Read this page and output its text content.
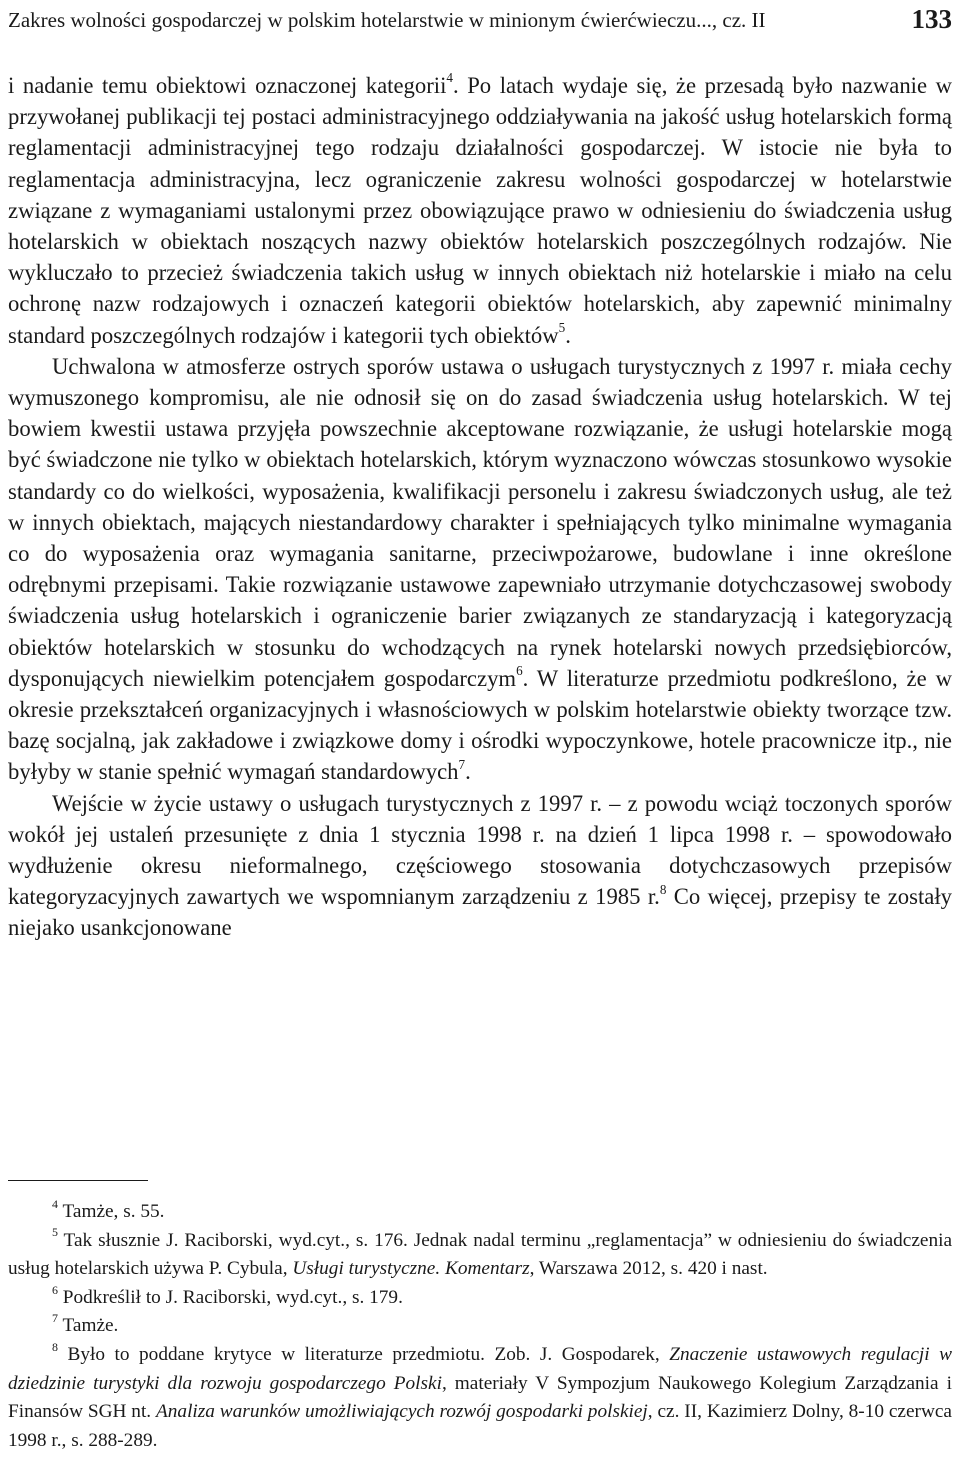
Zakres wolności gospodarczej w polskim hotelarstwie w minionym ćwierćwieczu..., cz. II	133

i nadanie temu obiektowi oznaczonej kategorii$^4$. Po latach wydaje się, że przesadą było nazwanie w przywołanej publikacji tej postaci administracyjnego oddziaływania na jakość usług hotelarskich formą reglamentacji administracyjnej tego rodzaju działalności gospodarczej. W istocie nie była to reglamentacja administracyjna, lecz ograniczenie zakresu wolności gospodarczej w hotelarstwie związane z wymaganiami ustalonymi przez obowiązujące prawo w odniesieniu do świadczenia usług hotelarskich w obiektach noszących nazwy obiektów hotelarskich poszczególnych rodzajów. Nie wykluczało to przecież świadczenia takich usług w innych obiektach niż hotelarskie i miało na celu ochronę nazw rodzajowych i oznaczeń kategorii obiektów hotelarskich, aby zapewnić minimalny standard poszczególnych rodzajów i kategorii tych obiektów$^5$.

Uchwalona w atmosferze ostrych sporów ustawa o usługach turystycznych z 1997 r. miała cechy wymuszonego kompromisu, ale nie odnosił się on do zasad świadczenia usług hotelarskich. W tej bowiem kwestii ustawa przyjęła powszechnie akceptowane rozwiązanie, że usługi hotelarskie mogą być świadczone nie tylko w obiektach hotelarskich, którym wyznaczono wówczas stosunkowo wysokie standardy co do wielkości, wyposażenia, kwalifikacji personelu i zakresu świadczonych usług, ale też w innych obiektach, mających niestandardowy charakter i spełniających tylko minimalne wymagania co do wyposażenia oraz wymagania sanitarne, przeciwpożarowe, budowlane i inne określone odrębnymi przepisami. Takie rozwiązanie ustawowe zapewniało utrzymanie dotychczasowej swobody świadczenia usług hotelarskich i ograniczenie barier związanych ze standaryzacją i kategoryzacją obiektów hotelarskich w stosunku do wchodzących na rynek hotelarski nowych przedsiębiorców, dysponujących niewielkim potencjałem gospodarczym$^6$. W literaturze przedmiotu podkreślono, że w okresie przekształceń organizacyjnych i własnościowych w polskim hotelarstwie obiekty tworzące tzw. bazę socjalną, jak zakładowe i związkowe domy i ośrodki wypoczynkowe, hotele pracownicze itp., nie byłyby w stanie spełnić wymagań standardowych$^7$.

Wejście w życie ustawy o usługach turystycznych z 1997 r. – z powodu wciąż toczonych sporów wokół jej ustaleń przesunięte z dnia 1 stycznia 1998 r. na dzień 1 lipca 1998 r. – spowodowało wydłużenie okresu nieformalnego, częściowego stosowania dotychczasowych przepisów kategoryzacyjnych zawartych we wspomnianym zarządzeniu z 1985 r.$^8$ Co więcej, przepisy te zostały niejako usankcjonowane

$^4$ Tamże, s. 55.

$^5$ Tak słusznie J. Raciborski, wyd.cyt., s. 176. Jednak nadal terminu „reglamentacja” w odniesieniu do świadczenia usług hotelarskich używa P. Cybula, Usługi turystyczne. Komentarz, Warszawa 2012, s. 420 i nast.

$^6$ Podkreślił to J. Raciborski, wyd.cyt., s. 179.

$^7$ Tamże.

$^8$ Było to poddane krytyce w literaturze przedmiotu. Zob. J. Gospodarek, Znaczenie ustawowych regulacji w dziedzinie turystyki dla rozwoju gospodarczego Polski, materiały V Sympozjum Naukowego Kolegium Zarządzania i Finansów SGH nt. Analiza warunków umożliwiających rozwój gospodarki polskiej, cz. II, Kazimierz Dolny, 8-10 czerwca 1998 r., s. 288-289.
